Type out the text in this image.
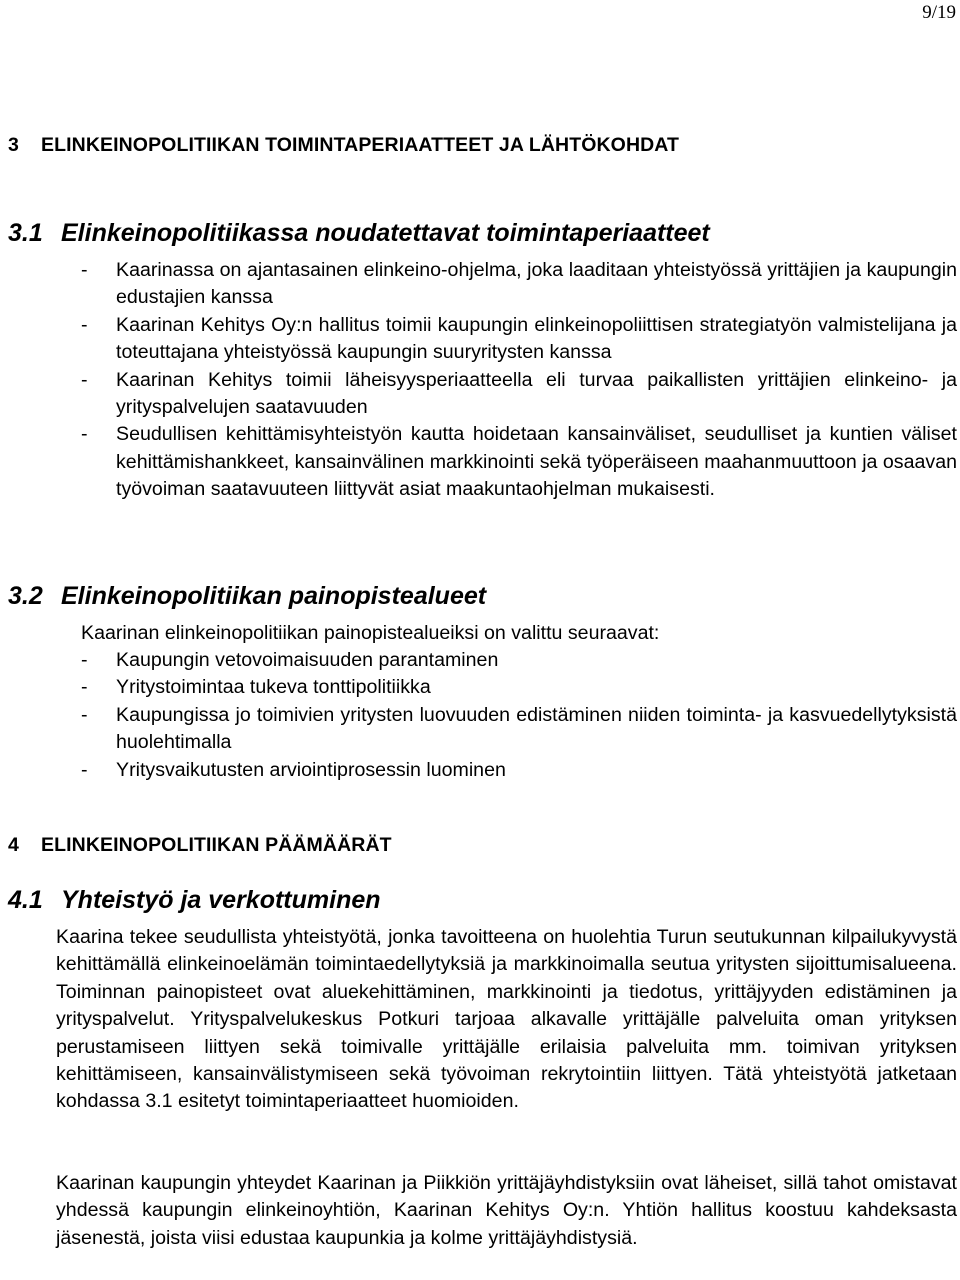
9/19
3 ELINKEINOPOLITIIKAN TOIMINTAPERIAATTEET JA LÄHTÖKOHDAT
3.1 Elinkeinopolitiikassa noudatettavat toimintaperiaatteet
- Kaarinassa on ajantasainen elinkeino-ohjelma, joka laaditaan yhteistyössä yrittäjien ja kaupungin edustajien kanssa
- Kaarinan Kehitys Oy:n hallitus toimii kaupungin elinkeinopoliittisen strategiatyön valmistelijana ja toteuttajana yhteistyössä kaupungin suuryritysten kanssa
- Kaarinan Kehitys toimii läheisyysperiaatteella eli turvaa paikallisten yrittäjien elinkeino- ja yrityspalvelujen saatavuuden
- Seudullisen kehittämisyhteistyön kautta hoidetaan kansainväliset, seudulliset ja kuntien väliset kehittämishankkeet, kansainvälinen markkinointi sekä työperäiseen maahanmuuttoon ja osaavan työvoiman saatavuuteen liittyvät asiat maakuntaohjelman mukaisesti.
3.2 Elinkeinopolitiikan painopistealueet
Kaarinan elinkeinopolitiikan painopistealueiksi on valittu seuraavat:
- Kaupungin vetovoimaisuuden parantaminen
- Yritystoimintaa tukeva tonttipolitiikka
- Kaupungissa jo toimivien yritysten luovuuden edistäminen niiden toiminta- ja kasvuedellytyksistä huolehtimalla
- Yritysvaikutusten arviointiprosessin luominen
4 ELINKEINOPOLITIIKAN PÄÄMÄÄRÄT
4.1 Yhteistyö ja verkottuminen

Kaarina tekee seudullista yhteistyötä, jonka tavoitteena on huolehtia Turun seutukunnan kilpailukyvystä kehittämällä elinkeinoelämän toimintaedellytyksiä ja markkinoimalla seutua yritysten sijoittumisalueena. Toiminnan painopisteet ovat aluekehittäminen, markkinointi ja tiedotus, yrittäjyyden edistäminen ja yrityspalvelut. Yrityspalvelukeskus Potkuri tarjoaa alkavalle yrittäjälle palveluita oman yrityksen perustamiseen liittyen sekä toimivalle yrittäjälle erilaisia palveluita mm. toimivan yrityksen kehittämiseen, kansainvälistymiseen sekä työvoiman rekrytointiin liittyen. Tätä yhteistyötä jatketaan kohdassa 3.1 esitetyt toimintaperiaatteet huomioiden.

Kaarinan kaupungin yhteydet Kaarinan ja Piikkiön yrittäjäyhdistyksiin ovat läheiset, sillä tahot omistavat yhdessä kaupungin elinkeinoyhtiön, Kaarinan Kehitys Oy:n. Yhtiön hallitus koostuu kahdeksasta jäsenestä, joista viisi edustaa kaupunkia ja kolme yrittäjäyhdistysiä.
